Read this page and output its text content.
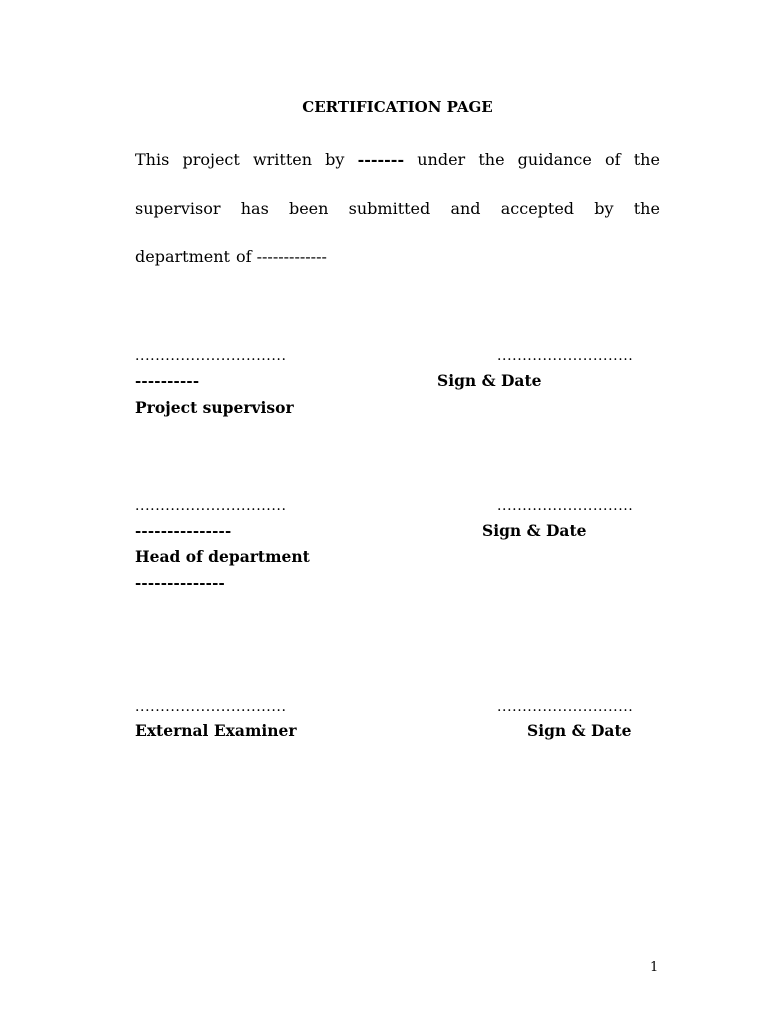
CERTIFICATION PAGE
This project written by ------- under the guidance of the
supervisor has been submitted and accepted by the
department of -------------
..............................	...........................
----------	Sign & Date
Project supervisor
..............................	...........................
---------------	Sign & Date
Head of department
--------------
..............................	...........................
External Examiner	Sign & Date
1
